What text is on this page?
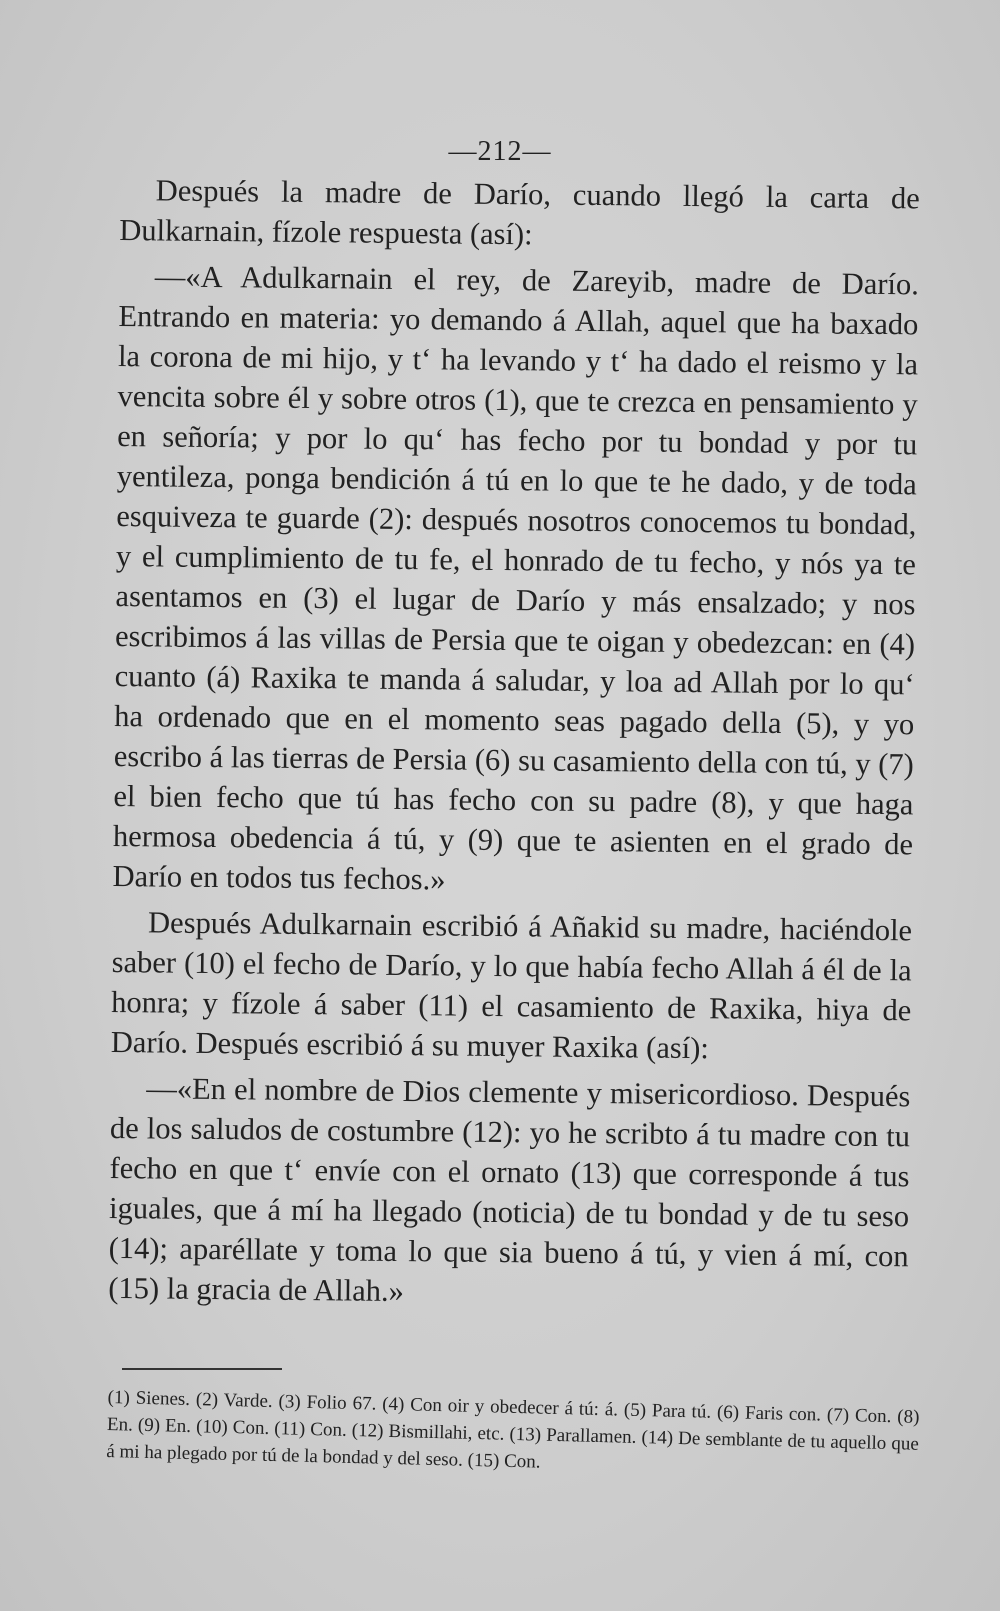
—212—

Después la madre de Darío, cuando llegó la carta de Dulkarnain, fízole respuesta (así):

—«A Adulkarnain el rey, de Zareyib, madre de Darío. Entrando en materia: yo demando á Allah, aquel que ha baxado la corona de mi hijo, y t‘ ha levando y t‘ ha dado el reismo y la vencita sobre él y sobre otros (1), que te crezca en pensamiento y en señoría; y por lo qu‘ has fecho por tu bondad y por tu yentileza, ponga bendición á tú en lo que te he dado, y de toda esquiveza te guarde (2): después nosotros conocemos tu bondad, y el cumplimiento de tu fe, el honrado de tu fecho, y nós ya te asentamos en (3) el lugar de Darío y más ensalzado; y nos escribimos á las villas de Persia que te oigan y obedezcan: en (4) cuanto (á) Raxika te manda á saludar, y loa ad Allah por lo qu‘ ha ordenado que en el momento seas pagado della (5), y yo escribo á las tierras de Persia (6) su casamiento della con tú, y (7) el bien fecho que tú has fecho con su padre (8), y que haga hermosa obedencia á tú, y (9) que te asienten en el grado de Darío en todos tus fechos.»

Después Adulkarnain escribió á Añakid su madre, haciéndole saber (10) el fecho de Darío, y lo que había fecho Allah á él de la honra; y fízole á saber (11) el casamiento de Raxika, hiya de Darío. Después escribió á su muyer Raxika (así):

—«En el nombre de Dios clemente y misericordioso. Después de los saludos de costumbre (12): yo he scribto á tu madre con tu fecho en que t‘ envíe con el ornato (13) que corresponde á tus iguales, que á mí ha llegado (noticia) de tu bondad y de tu seso (14); aparéllate y toma lo que sia bueno á tú, y vien á mí, con (15) la gracia de Allah.»

(1) Sienes. (2) Varde. (3) Folio 67. (4) Con oir y obedecer á tú: á. (5) Para tú. (6) Faris con. (7) Con. (8) En. (9) En. (10) Con. (11) Con. (12) Bismillahi, etc. (13) Parallamen. (14) De semblante de tu aquello que á mi ha plegado por tú de la bondad y del seso. (15) Con.
